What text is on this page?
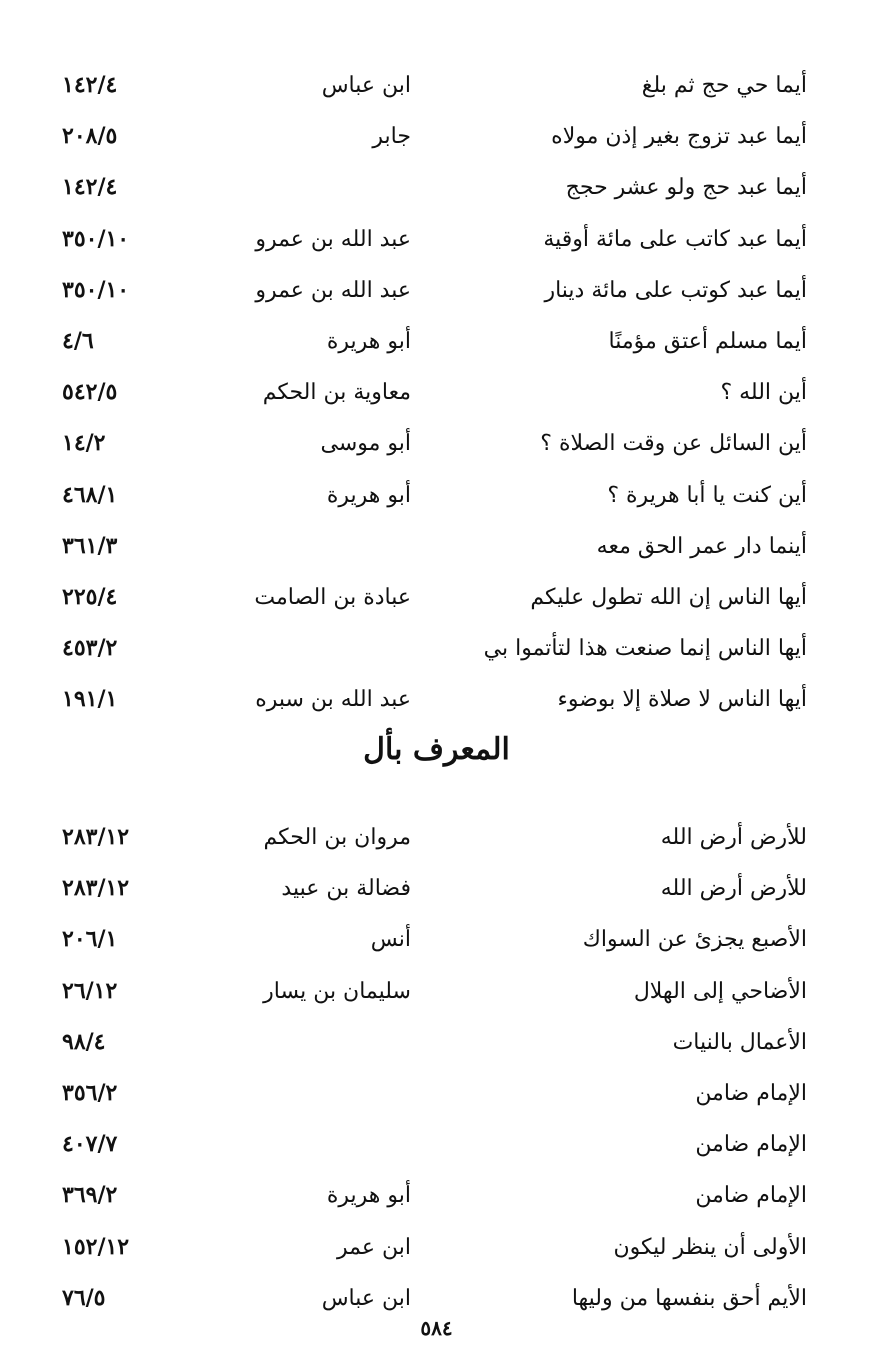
أيما حي حج ثم بلغ
ابن عباس
١٤٢/٤
أيما عبد تزوج بغير إذن مولاه
جابر
٢٠٨/٥
أيما عبد حج ولو عشر حجج
١٤٢/٤
أيما عبد كاتب على مائة أوقية
عبد الله بن عمرو
٣٥٠/١٠
أيما عبد كوتب على مائة دينار
عبد الله بن عمرو
٣٥٠/١٠
أيما مسلم أعتق مؤمنًا
أبو هريرة
٤/٦
أين الله ؟
معاوية بن الحكم
٥٤٢/٥
أين السائل عن وقت الصلاة ؟
أبو موسى
١٤/٢
أين كنت يا أبا هريرة ؟
أبو هريرة
٤٦٨/١
أينما دار عمر الحق معه
٣٦١/٣
أيها الناس إن الله تطول عليكم
عبادة بن الصامت
٢٢٥/٤
أيها الناس إنما صنعت هذا لتأتموا بي
٤٥٣/٢
أيها الناس لا صلاة إلا بوضوء
عبد الله بن سبره
١٩١/١
المعرف بأل
للأرض أرض الله
مروان بن الحكم
٢٨٣/١٢
للأرض أرض الله
فضالة بن عبيد
٢٨٣/١٢
الأصبع يجزئ عن السواك
أنس
٢٠٦/١
الأضاحي إلى الهلال
سليمان بن يسار
٢٦/١٢
الأعمال بالنيات
٩٨/٤
الإمام ضامن
٣٥٦/٢
الإمام ضامن
٤٠٧/٧
الإمام ضامن
أبو هريرة
٣٦٩/٢
الأولى أن ينظر ليكون
ابن عمر
١٥٢/١٢
الأيم أحق بنفسها من وليها
ابن عباس
٧٦/٥
٥٨٤
